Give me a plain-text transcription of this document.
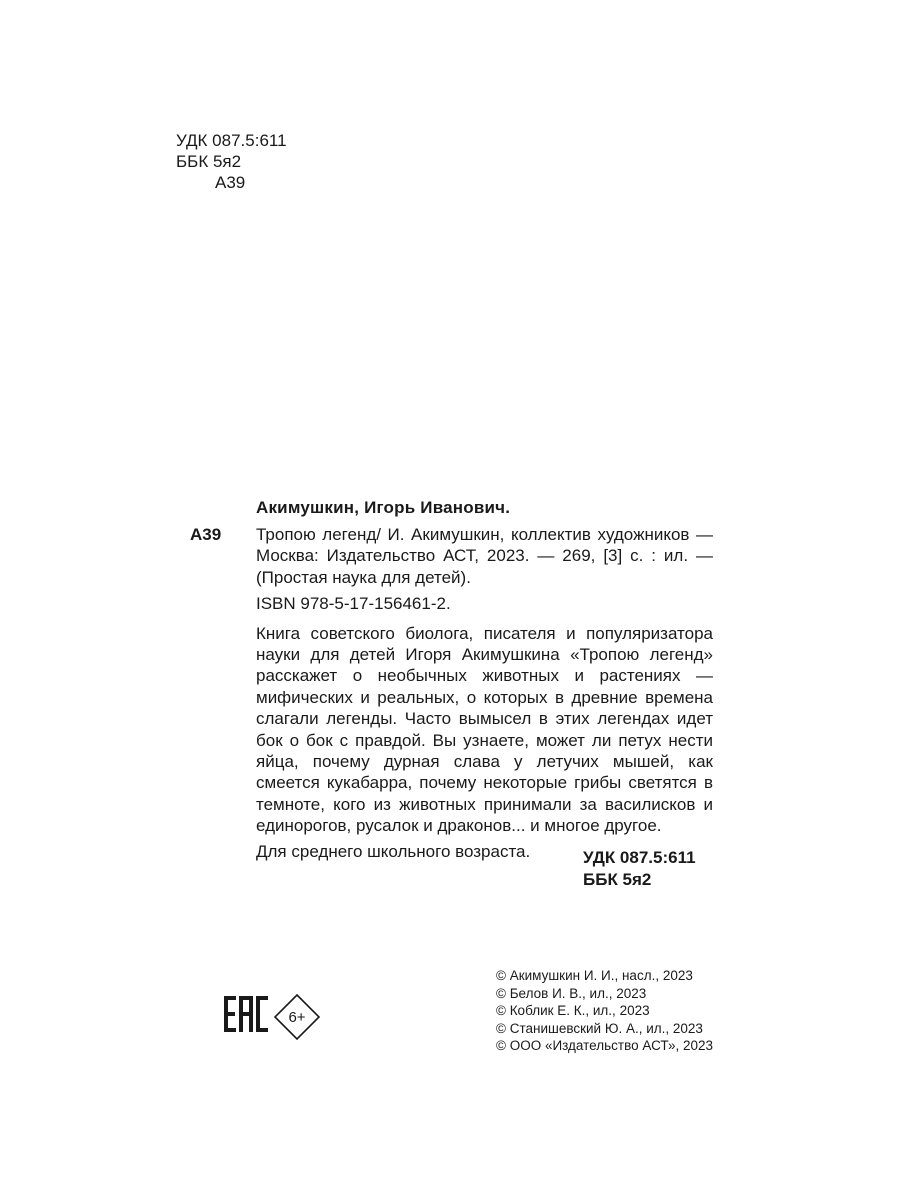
УДК 087.5:611
ББК 5я2
А39
Акимушкин, Игорь Иванович.
А39 Тропою легенд/ И. Акимушкин, коллектив художников — Москва: Издательство АСТ, 2023. — 269, [3] с. : ил. — (Простая наука для детей).

ISBN 978-5-17-156461-2.

Книга советского биолога, писателя и популяризатора науки для детей Игоря Акимушкина «Тропою легенд» расскажет о необычных животных и растениях — мифических и реальных, о которых в древние времена слагали легенды. Часто вымысел в этих легендах идет бок о бок с правдой. Вы узнаете, может ли петух нести яйца, почему дурная слава у летучих мышей, как смеется кукабарра, почему некоторые грибы светятся в темноте, кого из животных принимали за василисков и единорогов, русалок и драконов... и многое другое.

Для среднего школьного возраста.	УДК 087.5:611
ББК 5я2
© Акимушкин И. И., насл., 2023
© Белов И. В., ил., 2023
© Коблик Е. К., ил., 2023
© Станишевский Ю. А., ил., 2023
© ООО «Издательство АСТ», 2023
6+
